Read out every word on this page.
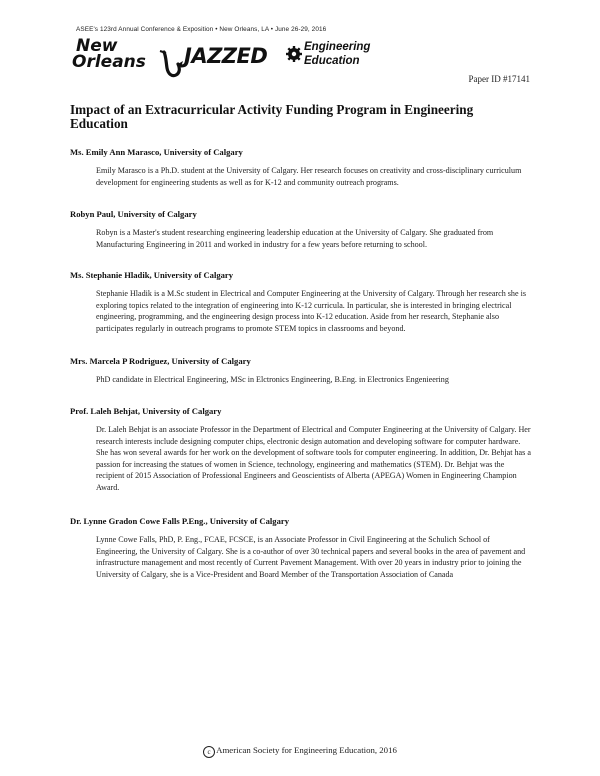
ASEE's 123rd Annual Conference & Exposition • New Orleans, LA • June 26-29, 2016
New
Orleans JAZZED	Engineering
Education
Paper ID #17141
Impact of an Extracurricular Activity Funding Program in Engineering Education
Ms. Emily Ann Marasco, University of Calgary
Emily Marasco is a Ph.D. student at the University of Calgary. Her research focuses on creativity and cross-disciplinary curriculum development for engineering students as well as for K-12 and community outreach programs.
Robyn Paul, University of Calgary
Robyn is a Master's student researching engineering leadership education at the University of Calgary. She graduated from Manufacturing Engineering in 2011 and worked in industry for a few years before returning to school.
Ms. Stephanie Hladik, University of Calgary
Stephanie Hladik is a M.Sc student in Electrical and Computer Engineering at the University of Calgary. Through her research she is exploring topics related to the integration of engineering into K-12 curricula. In particular, she is interested in bringing electrical engineering, programming, and the engineering design process into K-12 education. Aside from her research, Stephanie also participates regularly in outreach programs to promote STEM topics in classrooms and beyond.
Mrs. Marcela P Rodriguez, University of Calgary
PhD candidate in Electrical Engineering, MSc in Elctronics Engineering, B.Eng. in Electronics Engenieering
Prof. Laleh Behjat, University of Calgary
Dr. Laleh Behjat is an associate Professor in the Department of Electrical and Computer Engineering at the University of Calgary. Her research interests include designing computer chips, electronic design automation and developing software for computer hardware. She has won several awards for her work on the development of software tools for computer engineering. In addition, Dr. Behjat has a passion for increasing the statues of women in Science, technology, engineering and mathematics (STEM). Dr. Behjat was the recipient of 2015 Association of Professional Engineers and Geoscientists of Alberta (APEGA) Women in Engineering Champion Award.
Dr. Lynne Gradon Cowe Falls P.Eng., University of Calgary
Lynne Cowe Falls, PhD, P. Eng., FCAE, FCSCE, is an Associate Professor in Civil Engineering at the Schulich School of Engineering, the University of Calgary. She is a co-author of over 30 technical papers and several books in the area of pavement and infrastructure management and most recently of Current Pavement Management. With over 20 years in industry prior to joining the University of Calgary, she is a Vice-President and Board Member of the Transportation Association of Canada
c American Society for Engineering Education, 2016
